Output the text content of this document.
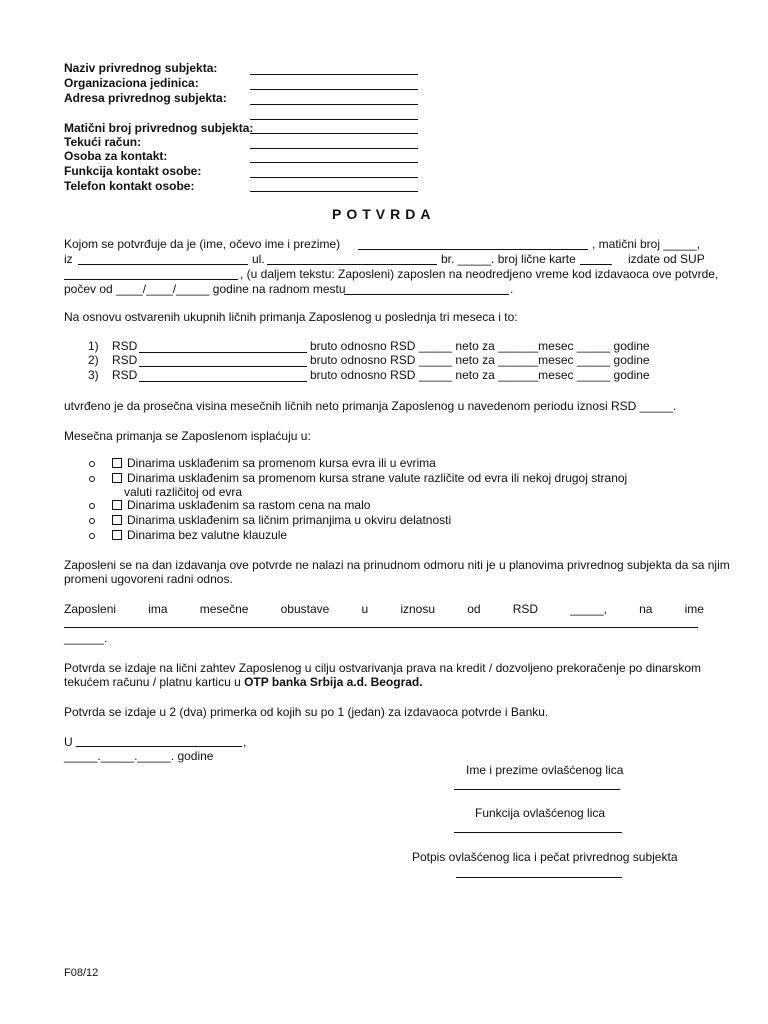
Naziv privrednog subjekta:
Organizaciona jedinica:
Adresa privrednog subjekta:
Matični broj privrednog subjekta:
Tekući račun:
Osoba za kontakt:
Funkcija kontakt osobe:
Telefon kontakt osobe:
POTVRDA
Kojom se potvrđuje da je (ime, očevo ime i prezime)	, matični broj _____,
iz	ul.	br. _____. broj lične karte	izdate od SUP
, (u daljem tekstu: Zaposleni) zaposlen na neodredjeno vreme kod izdavaoca ove potvrde,
počev od ____/____/_____ godine na radnom mestu	.
Na osnovu ostvarenih ukupnih ličnih primanja Zaposlenog u poslednja tri meseca i to:
1) RSD	bruto odnosno RSD _____ neto za ______mesec _____ godine
2) RSD	bruto odnosno RSD _____ neto za ______mesec _____ godine
3) RSD	bruto odnosno RSD _____ neto za ______mesec _____ godine
utvrđeno je da prosečna visina mesečnih ličnih neto primanja Zaposlenog u navedenom periodu iznosi RSD _____.
Mesečna primanja se Zaposlenom isplaćuju u:
Dinarima usklađenim sa promenom kursa evra ili u evrima
Dinarima usklađenim sa promenom kursa strane valute različite od evra ili nekoj drugoj stranoj
valuti različitoj od evra
Dinarima usklađenim sa rastom cena na malo
Dinarima usklađenim sa ličnim primanjima u okviru delatnosti
Dinarima bez valutne klauzule
Zaposleni se na dan izdavanja ove potvrde ne nalazi na prinudnom odmoru niti je u planovima privrednog subjekta da sa njim
promeni ugovoreni radni odnos.
Zaposleni	ima	mesečne	obustave	u	iznosu	od	RSD	_____,	na	ime
______.
Potvrda se izdaje na lični zahtev Zaposlenog u cilju ostvarivanja prava na kredit / dozvoljeno prekoračenje po dinarskom
tekućem računu / platnu karticu u OTP banka Srbija a.d. Beograd.
Potvrda se izdaje u 2 (dva) primerka od kojih su po 1 (jedan) za izdavaoca potvrde i Banku.
U	,
_____._____._____. godine
Ime i prezime ovlašćenog lica
Funkcija ovlašćenog lica
Potpis ovlašćenog lica i pečat privrednog subjekta
F08/12
